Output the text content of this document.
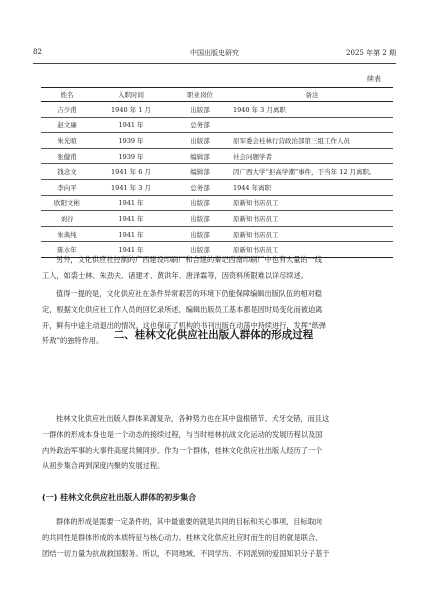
82	中国出版史研究	2025 年第 2 期
续表
姓名	入职时间	职业岗位	备注
吉少甫	1940 年 1 月	出版部	1940 年 3 月离职
赵文廉	1941 年	总务部	
朱光暄	1939 年	出版部	原军委会桂林行营政治部第三组工作人员
张健甫	1939 年	编辑部	社会问题学者
钱念文	1941 年 6 月	编辑部	因广西大学“拒高学潮”事件，于当年 12 月离职。
李向平	1941 年 3 月	总务部	1944 年离职
欧阳文彬	1941 年	出版部	原新知书店员工
刘谷	1941 年	出版部	原新知书店员工
朱典纯	1941 年	出版部	原新知书店员工
陈水年	1941 年	出版部	原新知书店员工

另外，文化供应社控制的广西建设印刷厂和合建的秦记西南印刷厂中也有大量的一线
工人，如裘士林、朱劲夫、诸建才、黄洪年、唐泽霖等，因资料所限难以详尽续述。

值得一提的是，文化供应社在条件异常艰苦的环境下仍能保障编辑出版队伍的相对稳
定，根据文化供应社工作人员的回忆录所述，编辑出版员工基本都是因时局变化而被迫离
开，鲜有中途主动退出的情况。这也保证了机构的书刊出版在动荡中持续进行，发挥“纸弹
歼敌”的独特作用。	二、桂林文化供应社出版人群体的形成过程

桂林文化供应社出版人群体来源复杂，各种势力也在其中盘根错节、犬牙交错，而且这
一群体的形成本身也是一个动态的接续过程，与当时桂林抗战文化运动的发展历程以及国
内外政治军事的大事件高度共频同步。作为一个群体，桂林文化供应社出版人经历了一个
从初步集合再到深度内聚的发展过程。

(一) 桂林文化供应社出版人群体的初步集合

群体的形成是需要一定条件的，其中最重要的就是共同的目标和关心事项，目标取向
的共同性是群体形成的本质特征与核心动力。桂林文化供应社应时而生的目的就是联合、
团结一切力量为抗战救国服务。所以，不同地域、不同学历、不同派别的爱国知识分子基于
